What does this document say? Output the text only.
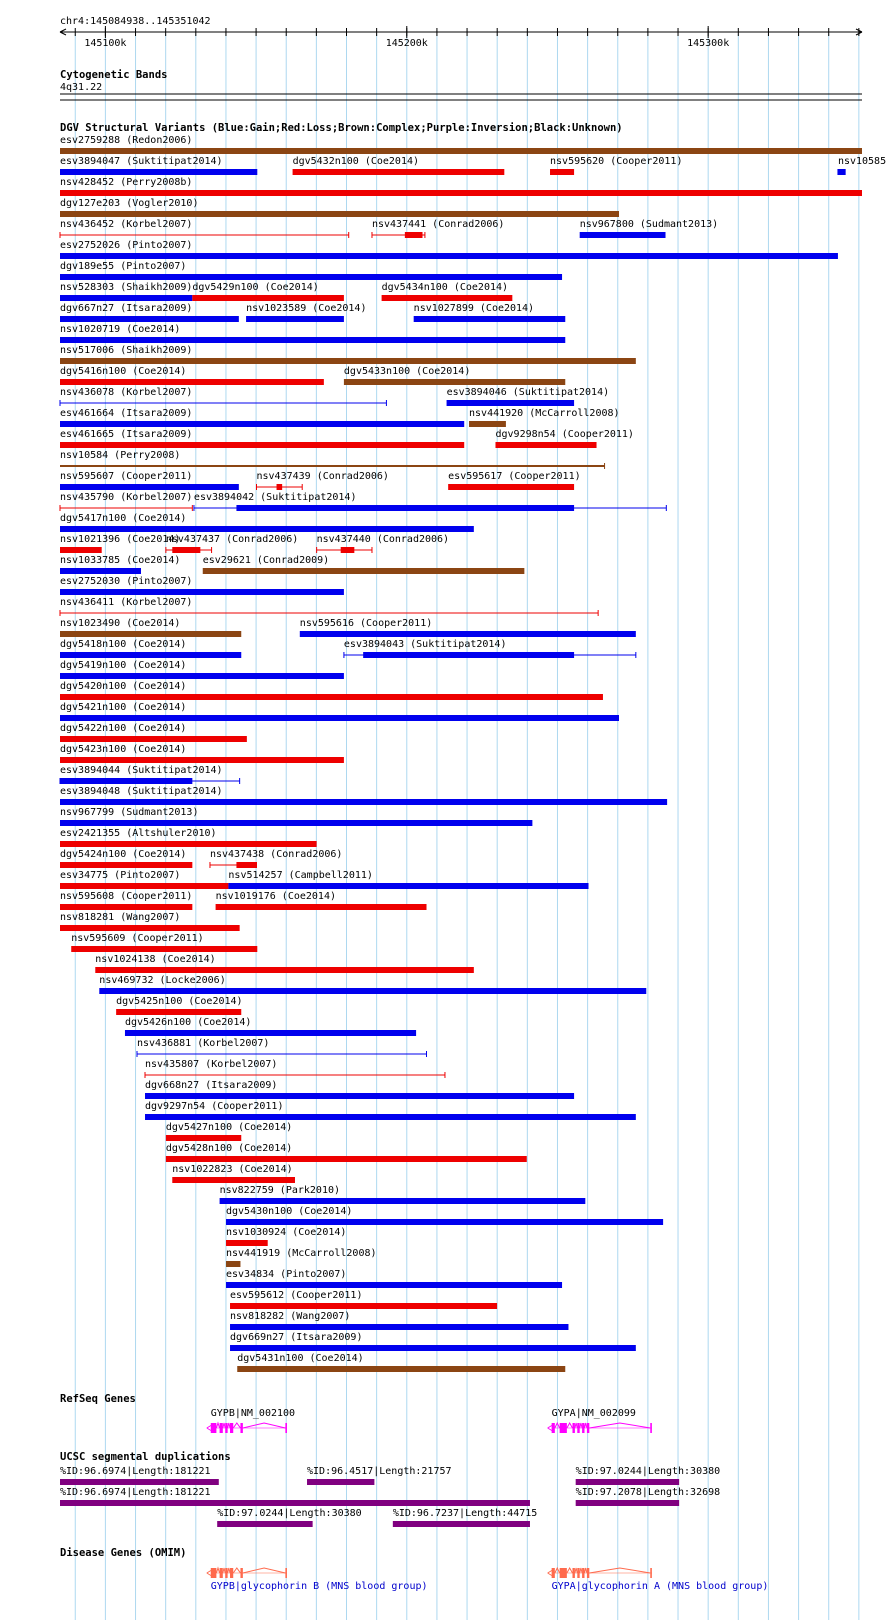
chr4:145084938..145351042
145100k	145200k	145300k
Cytogenetic Bands
4q31.22
DGV Structural Variants (Blue:Gain;Red:Loss;Brown:Complex;Purple:Inversion;Black:Unknown)
esv2759288 (Redon2006)
esv3894047 (Suktitipat2014)	dgv5432n100 (Coe2014)	nsv595620 (Cooper2011)	nsv10585
nsv428452 (Perry2008b)
dgv127e203 (Vogler2010)
nsv436452 (Korbel2007)	nsv437441 (Conrad2006)	nsv967800 (Sudmant2013)
esv2752026 (Pinto2007)
dgv189e55 (Pinto2007)
nsv528303 (Shaikh2009) dgv5429n100 (Coe2014)	dgv5434n100 (Coe2014)
dgv667n27 (Itsara2009)	nsv1023589 (Coe2014)	nsv1027899 (Coe2014)
nsv1020719 (Coe2014)
nsv517006 (Shaikh2009)
dgv5416n100 (Coe2014)	dgv5433n100 (Coe2014)
nsv436078 (Korbel2007)	esv3894046 (Suktitipat2014)
esv461664 (Itsara2009)	nsv441920 (McCarroll2008)
esv461665 (Itsara2009)	dgv9298n54 (Cooper2011)
nsv10584 (Perry2008)
nsv595607 (Cooper2011)	nsv437439 (Conrad2006)	esv595617 (Cooper2011)
nsv435790 (Korbel2007) esv3894042 (Suktitipat2014)
dgv5417n100 (Coe2014)
nsv1021396 (Coe2014)
nsv437437 (Conrad2006) nsv437440 (Conrad2006)
nsv1033785 (Coe2014) esv29621 (Conrad2009)
esv2752030 (Pinto2007)
nsv436411 (Korbel2007)
nsv1023490 (Coe2014)	nsv595616 (Cooper2011)
dgv5418n100 (Coe2014)	esv3894043 (Suktitipat2014)
dgv5419n100 (Coe2014)
dgv5420n100 (Coe2014)
dgv5421n100 (Coe2014)
dgv5422n100 (Coe2014)
dgv5423n100 (Coe2014)
esv3894044 (Suktitipat2014)
esv3894048 (Suktitipat2014)
nsv967799 (Sudmant2013)
esv2421355 (Altshuler2010)
dgv5424n100 (Coe2014) nsv437438 (Conrad2006)
esv34775 (Pinto2007)	nsv514257 (Campbell2011)
nsv595608 (Cooper2011) nsv1019176 (Coe2014)
nsv818281 (Wang2007)
nsv595609 (Cooper2011)
nsv1024138 (Coe2014)
nsv469732 (Locke2006)
dgv5425n100 (Coe2014)
dgv5426n100 (Coe2014)
nsv436881 (Korbel2007)
nsv435807 (Korbel2007)
dgv668n27 (Itsara2009)
dgv9297n54 (Cooper2011)
dgv5427n100 (Coe2014)
dgv5428n100 (Coe2014)
nsv1022823 (Coe2014)
nsv822759 (Park2010)
dgv5430n100 (Coe2014)
nsv1030924 (Coe2014)
nsv441919 (McCarroll2008)
esv34834 (Pinto2007)
esv595612 (Cooper2011)
nsv818282 (Wang2007)
dgv669n27 (Itsara2009)
dgv5431n100 (Coe2014)
RefSeq Genes
GYPB|NM_002100	GYPA|NM_002099
UCSC segmental duplications
%ID:96.6974|Length:181221	%ID:96.4517|Length:21757	%ID:97.0244|Length:30380
%ID:96.6974|Length:181221	%ID:97.2078|Length:32698
%ID:97.0244|Length:30380	%ID:96.7237|Length:44715
Disease Genes (OMIM)
GYPB|glycophorin B (MNS blood group)	GYPA|glycophorin A (MNS blood group)
